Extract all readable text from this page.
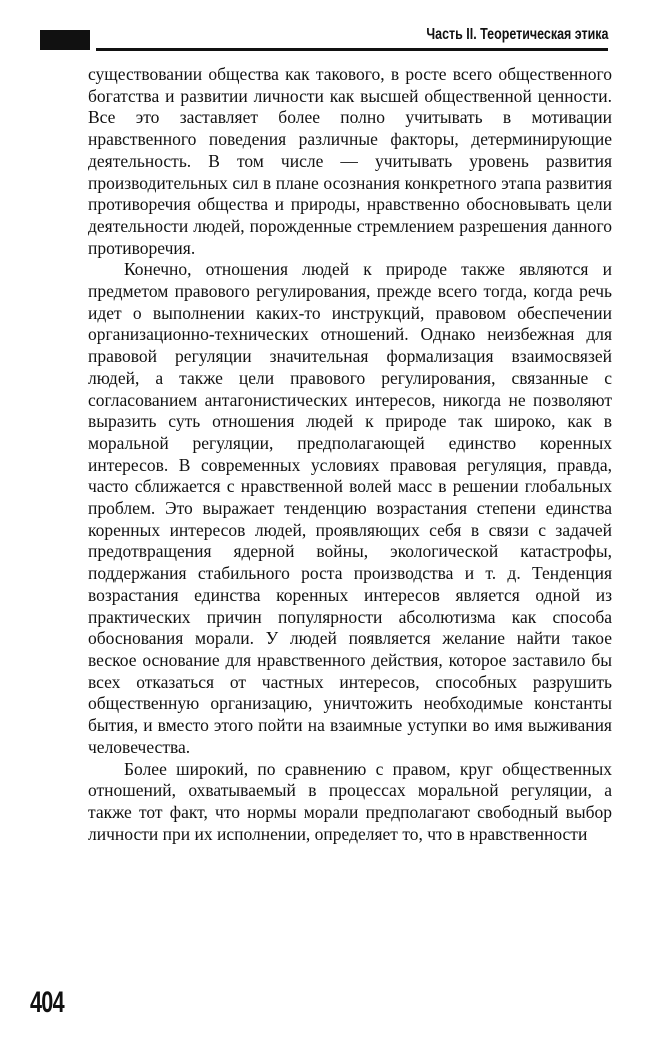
Часть II. Теоретическая этика

существовании общества как такового, в росте всего общественного богатства и развитии личности как высшей общественной ценности. Все это заставляет более полно учитывать в мотивации нравственного поведения различные факторы, детерминирующие деятельность. В том числе — учитывать уровень развития производительных сил в плане осознания конкретного этапа развития противоречия общества и природы, нравственно обосновывать цели деятельности людей, порожденные стремлением разрешения данного противоречия.

Конечно, отношения людей к природе также являются и предметом правового регулирования, прежде всего тогда, когда речь идет о выполнении каких-то инструкций, правовом обеспечении организационно-технических отношений. Однако неизбежная для правовой регуляции значительная формализация взаимосвязей людей, а также цели правового регулирования, связанные с согласованием антагонистических интересов, никогда не позволяют выразить суть отношения людей к природе так широко, как в моральной регуляции, предполагающей единство коренных интересов. В современных условиях правовая регуляция, правда, часто сближается с нравственной волей масс в решении глобальных проблем. Это выражает тенденцию возрастания степени единства коренных интересов людей, проявляющих себя в связи с задачей предотвращения ядерной войны, экологической катастрофы, поддержания стабильного роста производства и т. д. Тенденция возрастания единства коренных интересов является одной из практических причин популярности абсолютизма как способа обоснования морали. У людей появляется желание найти такое веское основание для нравственного действия, которое заставило бы всех отказаться от частных интересов, способных разрушить общественную организацию, уничтожить необходимые константы бытия, и вместо этого пойти на взаимные уступки во имя выживания человечества.

Более широкий, по сравнению с правом, круг общественных отношений, охватываемый в процессах моральной регуляции, а также тот факт, что нормы морали предполагают свободный выбор личности при их исполнении, определяет то, что в нравственности

404
